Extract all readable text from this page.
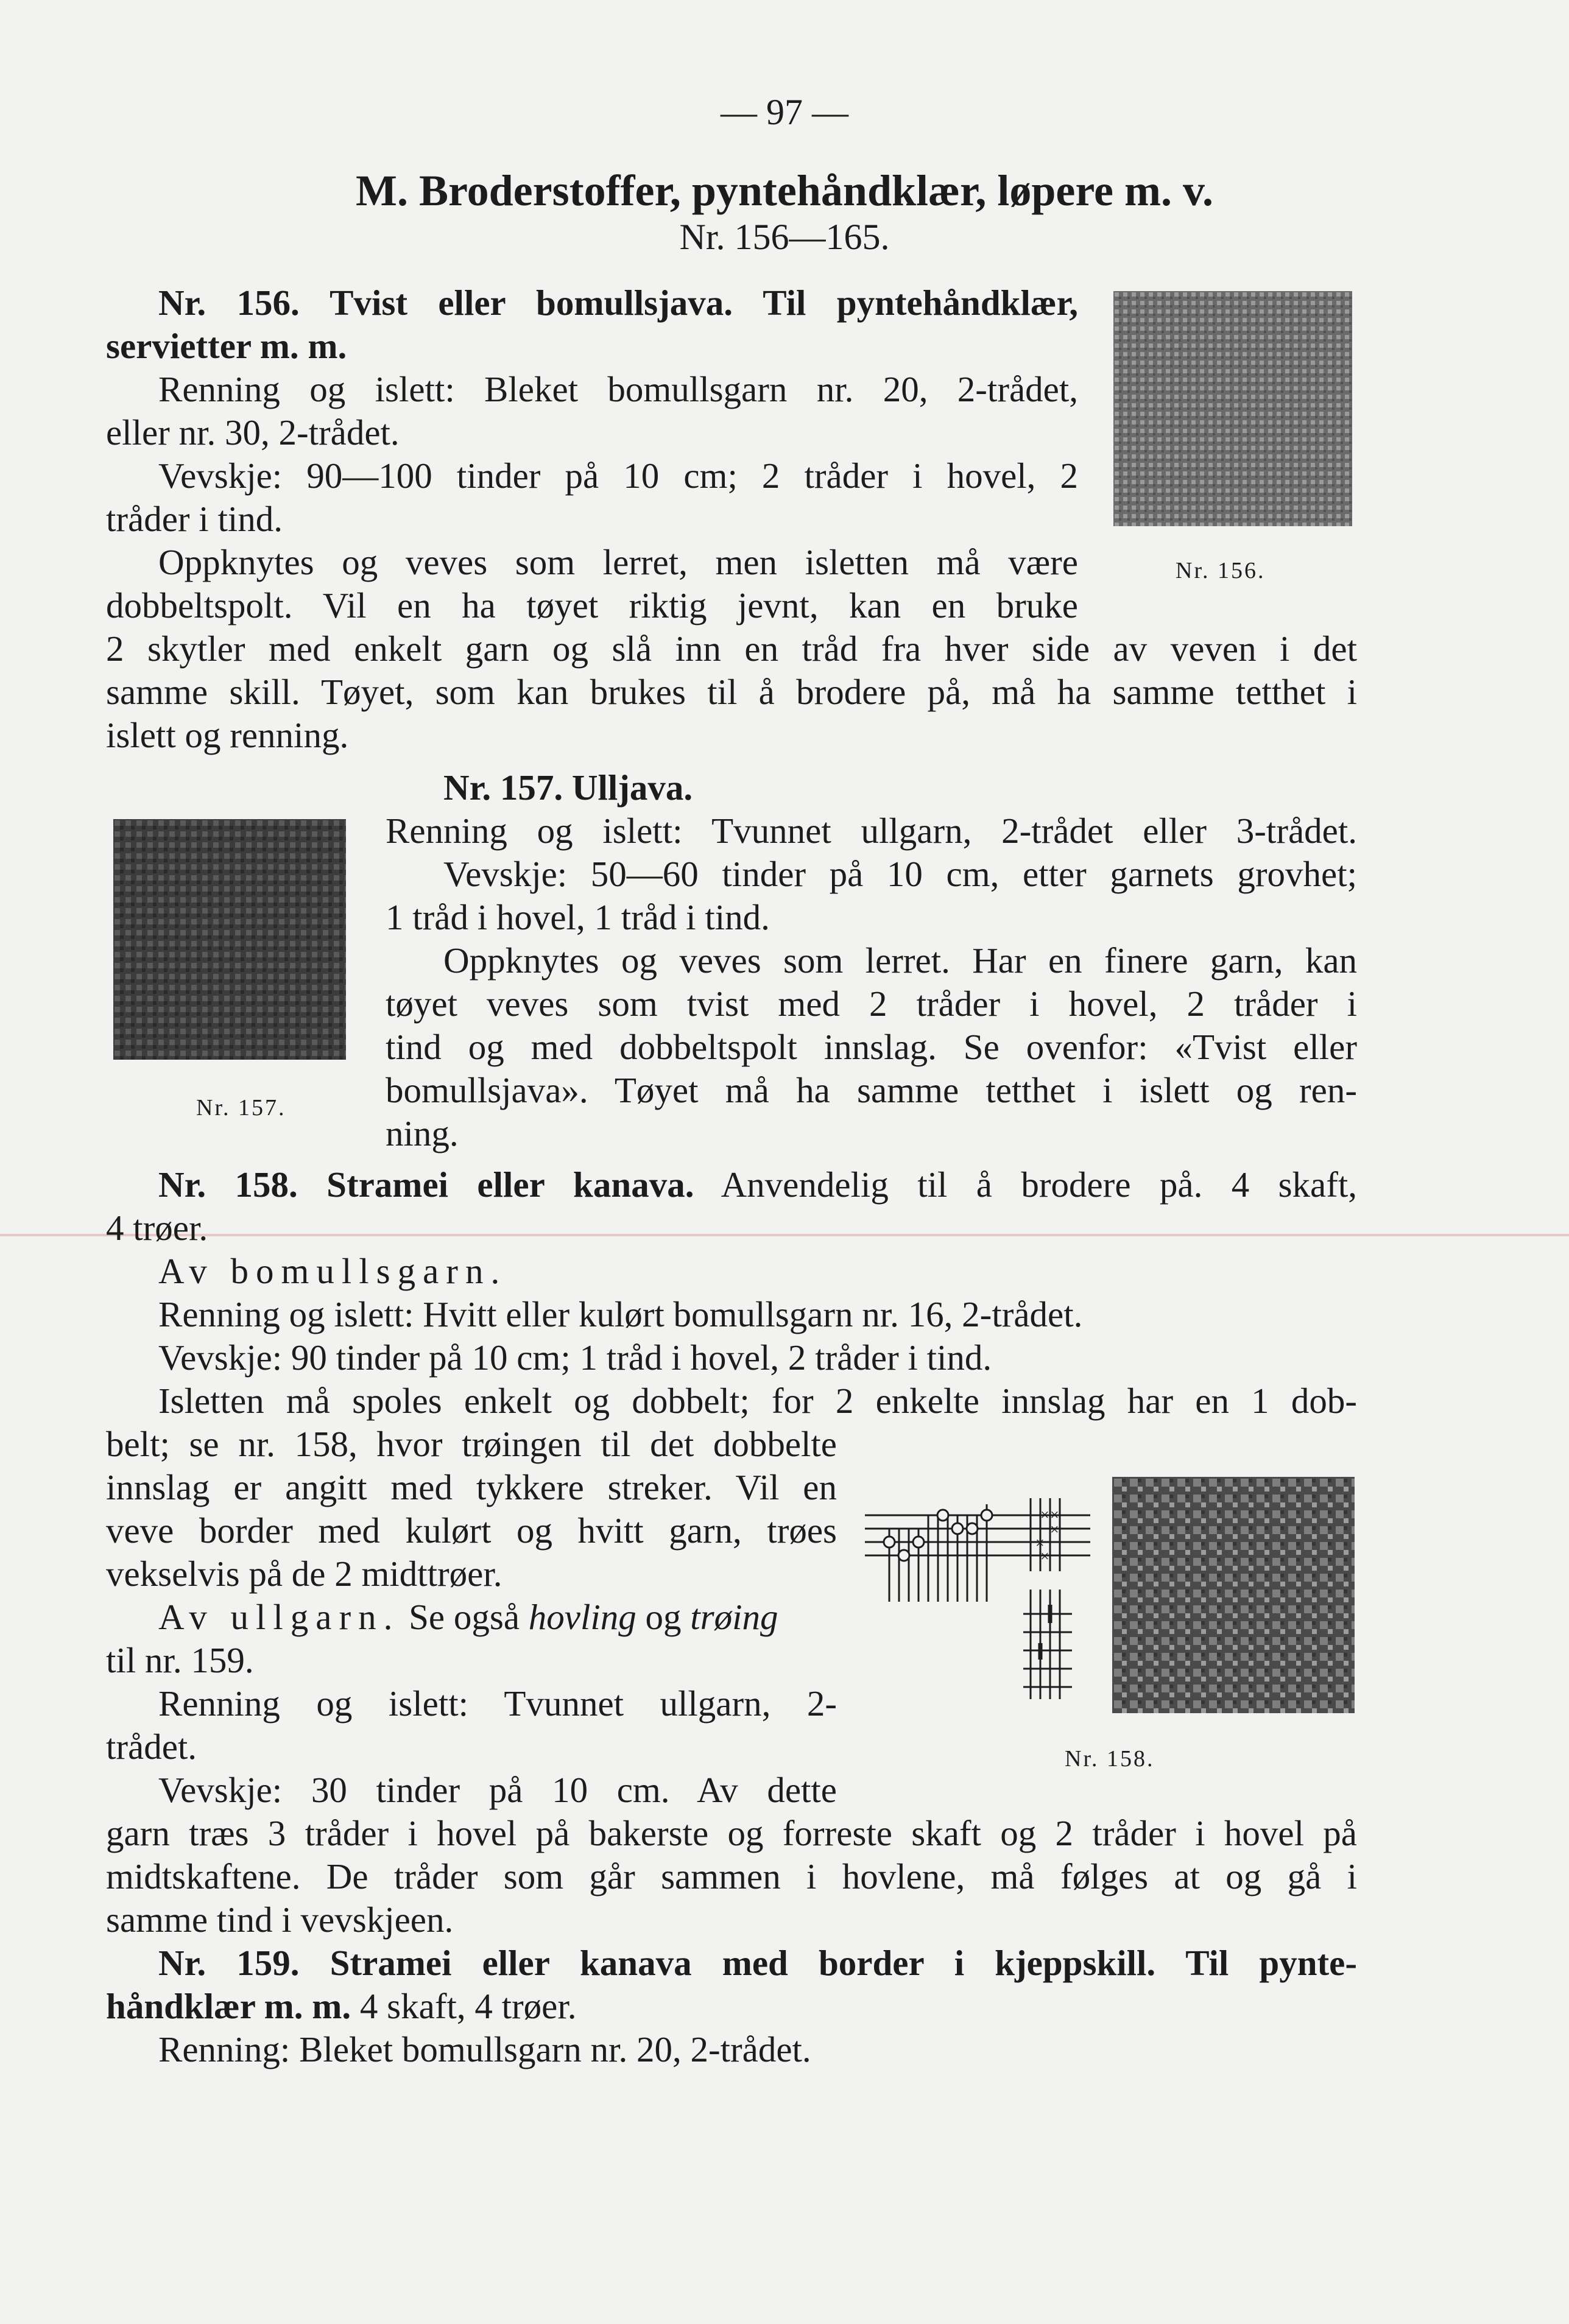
— 97 —
M. Broderstoffer, pyntehåndklær, løpere m. v.
Nr. 156—165.
Nr. 156. Tvist eller bomullsjava. Til pyntehåndklær,
servietter m. m.
Renning og islett: Bleket bomullsgarn nr. 20, 2-trådet,
eller nr. 30, 2-trådet.
Vevskje: 90—100 tinder på 10 cm; 2 tråder i hovel, 2
tråder i tind.
Oppknytes og veves som lerret, men isletten må være
dobbeltspolt. Vil en ha tøyet riktig jevnt, kan en bruke
2 skytler med enkelt garn og slå inn en tråd fra hver side av veven i det
samme skill. Tøyet, som kan brukes til å brodere på, må ha samme tetthet i
islett og renning.
Nr. 156.
Nr. 157. Ulljava.
Renning og islett: Tvunnet ullgarn, 2-trådet eller 3-trådet.
Vevskje: 50—60 tinder på 10 cm, etter garnets grovhet;
1 tråd i hovel, 1 tråd i tind.
Oppknytes og veves som lerret. Har en finere garn, kan
tøyet veves som tvist med 2 tråder i hovel, 2 tråder i
tind og med dobbeltspolt innslag. Se ovenfor: «Tvist eller
bomullsjava». Tøyet må ha samme tetthet i islett og ren-
ning.
Nr. 157.
Nr. 158. Stramei eller kanava. Anvendelig til å brodere på. 4 skaft,
4 trøer.
Av bomullsgarn.
Renning og islett: Hvitt eller kulørt bomullsgarn nr. 16, 2-trådet.
Vevskje: 90 tinder på 10 cm; 1 tråd i hovel, 2 tråder i tind.
Isletten må spoles enkelt og dobbelt; for 2 enkelte innslag har en 1 dob-
belt; se nr. 158, hvor trøingen til det dobbelte
innslag er angitt med tykkere streker. Vil en
veve border med kulørt og hvitt garn, trøes
vekselvis på de 2 midttrøer.
Av ullgarn. Se også hovling og trøing
til nr. 159.
Renning og islett: Tvunnet ullgarn, 2-
trådet.
Vevskje: 30 tinder på 10 cm. Av dette
garn træs 3 tråder i hovel på bakerste og forreste skaft og 2 tråder i hovel på
midtskaftene. De tråder som går sammen i hovlene, må følges at og gå i
samme tind i vevskjeen.
× ×
×
×
×
Nr. 158.
Nr. 159. Stramei eller kanava med border i kjeppskill. Til pynte-
håndklær m. m. 4 skaft, 4 trøer.
Renning: Bleket bomullsgarn nr. 20, 2-trådet.
